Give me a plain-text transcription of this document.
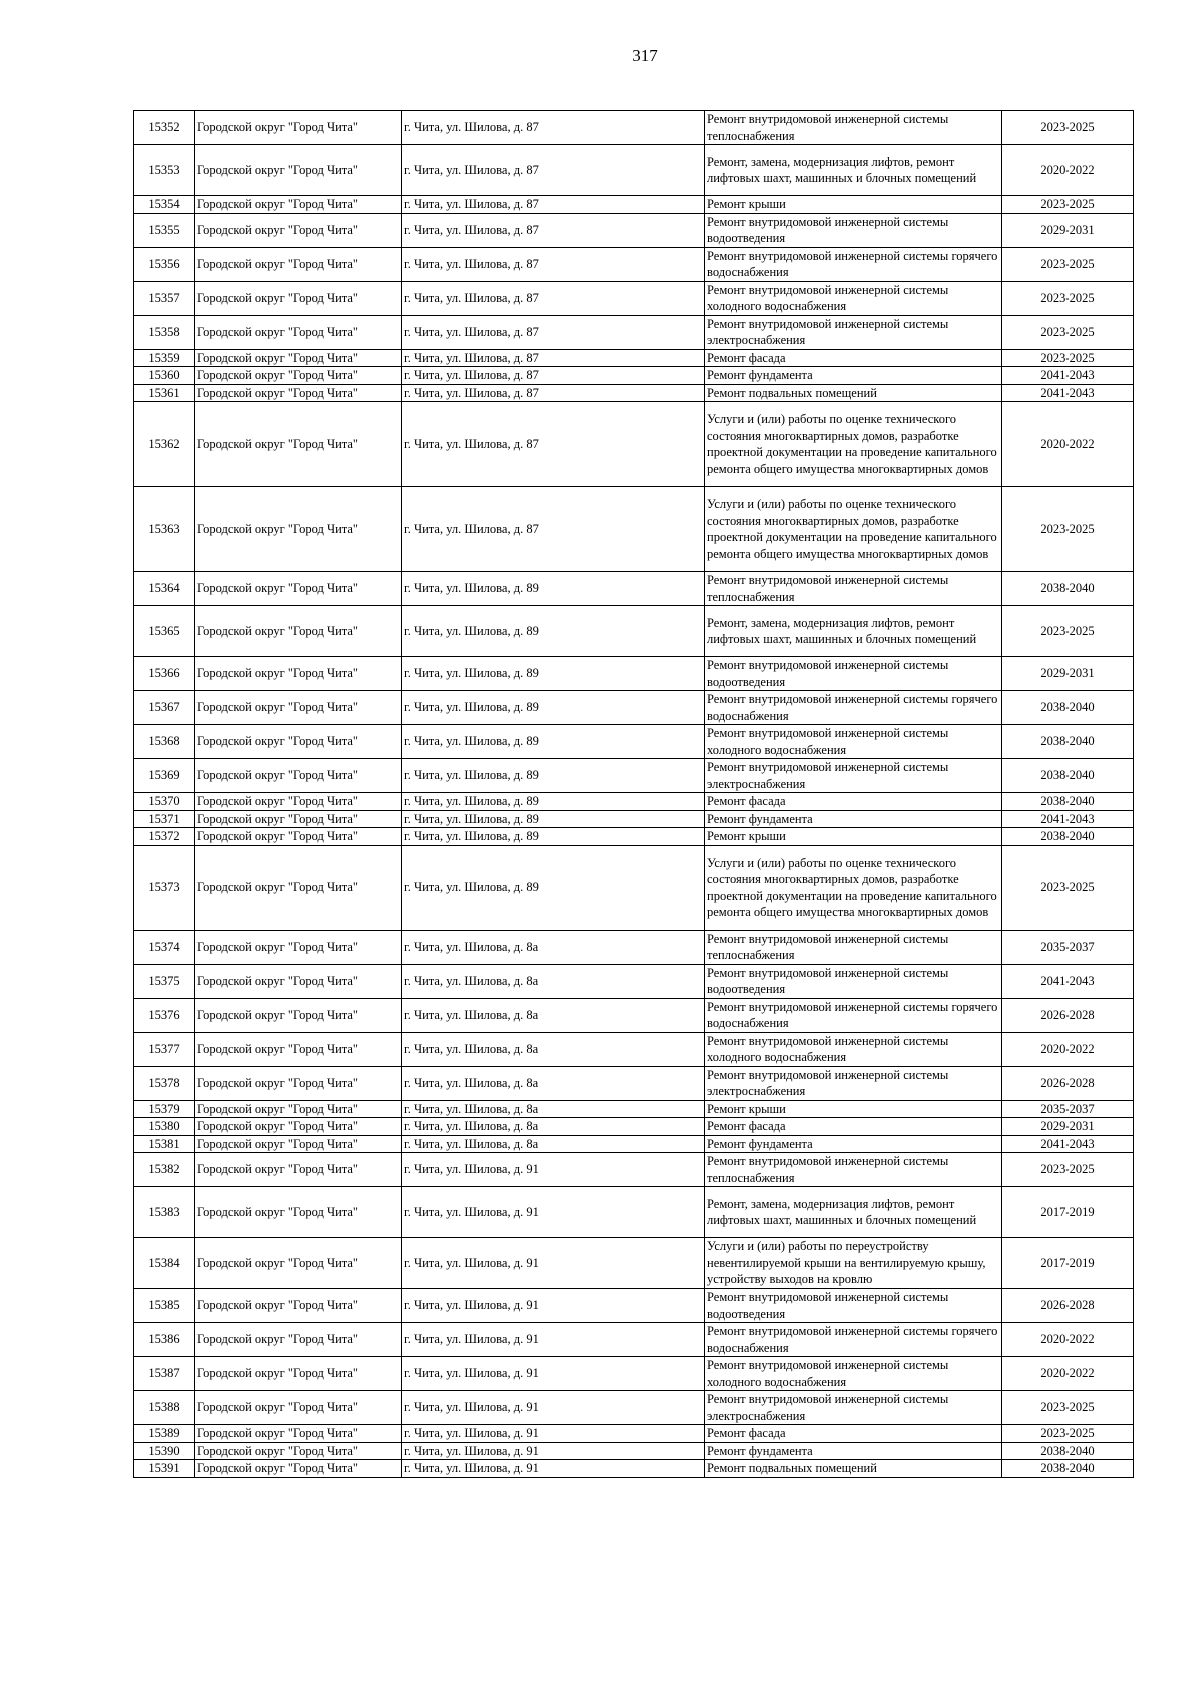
317
15352	Городской округ "Город Чита"	г. Чита, ул. Шилова, д. 87	Ремонт внутридомовой инженерной системы теплоснабжения	2023-2025
15353	Городской округ "Город Чита"	г. Чита, ул. Шилова, д. 87	Ремонт, замена, модернизация лифтов, ремонт лифтовых шахт, машинных и блочных помещений	2020-2022
15354	Городской округ "Город Чита"	г. Чита, ул. Шилова, д. 87	Ремонт крыши	2023-2025
15355	Городской округ "Город Чита"	г. Чита, ул. Шилова, д. 87	Ремонт внутридомовой инженерной системы водоотведения	2029-2031
15356	Городской округ "Город Чита"	г. Чита, ул. Шилова, д. 87	Ремонт внутридомовой инженерной системы горячего водоснабжения	2023-2025
15357	Городской округ "Город Чита"	г. Чита, ул. Шилова, д. 87	Ремонт внутридомовой инженерной системы холодного водоснабжения	2023-2025
15358	Городской округ "Город Чита"	г. Чита, ул. Шилова, д. 87	Ремонт внутридомовой инженерной системы электроснабжения	2023-2025
15359	Городской округ "Город Чита"	г. Чита, ул. Шилова, д. 87	Ремонт фасада	2023-2025
15360	Городской округ "Город Чита"	г. Чита, ул. Шилова, д. 87	Ремонт фундамента	2041-2043
15361	Городской округ "Город Чита"	г. Чита, ул. Шилова, д. 87	Ремонт подвальных помещений	2041-2043
15362	Городской округ "Город Чита"	г. Чита, ул. Шилова, д. 87	Услуги и (или) работы по оценке технического состояния многоквартирных домов, разработке проектной документации на проведение капитального ремонта общего имущества многоквартирных домов	2020-2022
15363	Городской округ "Город Чита"	г. Чита, ул. Шилова, д. 87	Услуги и (или) работы по оценке технического состояния многоквартирных домов, разработке проектной документации на проведение капитального ремонта общего имущества многоквартирных домов	2023-2025
15364	Городской округ "Город Чита"	г. Чита, ул. Шилова, д. 89	Ремонт внутридомовой инженерной системы теплоснабжения	2038-2040
15365	Городской округ "Город Чита"	г. Чита, ул. Шилова, д. 89	Ремонт, замена, модернизация лифтов, ремонт лифтовых шахт, машинных и блочных помещений	2023-2025
15366	Городской округ "Город Чита"	г. Чита, ул. Шилова, д. 89	Ремонт внутридомовой инженерной системы водоотведения	2029-2031
15367	Городской округ "Город Чита"	г. Чита, ул. Шилова, д. 89	Ремонт внутридомовой инженерной системы горячего водоснабжения	2038-2040
15368	Городской округ "Город Чита"	г. Чита, ул. Шилова, д. 89	Ремонт внутридомовой инженерной системы холодного водоснабжения	2038-2040
15369	Городской округ "Город Чита"	г. Чита, ул. Шилова, д. 89	Ремонт внутридомовой инженерной системы электроснабжения	2038-2040
15370	Городской округ "Город Чита"	г. Чита, ул. Шилова, д. 89	Ремонт фасада	2038-2040
15371	Городской округ "Город Чита"	г. Чита, ул. Шилова, д. 89	Ремонт фундамента	2041-2043
15372	Городской округ "Город Чита"	г. Чита, ул. Шилова, д. 89	Ремонт крыши	2038-2040
15373	Городской округ "Город Чита"	г. Чита, ул. Шилова, д. 89	Услуги и (или) работы по оценке технического состояния многоквартирных домов, разработке проектной документации на проведение капитального ремонта общего имущества многоквартирных домов	2023-2025
15374	Городской округ "Город Чита"	г. Чита, ул. Шилова, д. 8а	Ремонт внутридомовой инженерной системы теплоснабжения	2035-2037
15375	Городской округ "Город Чита"	г. Чита, ул. Шилова, д. 8а	Ремонт внутридомовой инженерной системы водоотведения	2041-2043
15376	Городской округ "Город Чита"	г. Чита, ул. Шилова, д. 8а	Ремонт внутридомовой инженерной системы горячего водоснабжения	2026-2028
15377	Городской округ "Город Чита"	г. Чита, ул. Шилова, д. 8а	Ремонт внутридомовой инженерной системы холодного водоснабжения	2020-2022
15378	Городской округ "Город Чита"	г. Чита, ул. Шилова, д. 8а	Ремонт внутридомовой инженерной системы электроснабжения	2026-2028
15379	Городской округ "Город Чита"	г. Чита, ул. Шилова, д. 8а	Ремонт крыши	2035-2037
15380	Городской округ "Город Чита"	г. Чита, ул. Шилова, д. 8а	Ремонт фасада	2029-2031
15381	Городской округ "Город Чита"	г. Чита, ул. Шилова, д. 8а	Ремонт фундамента	2041-2043
15382	Городской округ "Город Чита"	г. Чита, ул. Шилова, д. 91	Ремонт внутридомовой инженерной системы теплоснабжения	2023-2025
15383	Городской округ "Город Чита"	г. Чита, ул. Шилова, д. 91	Ремонт, замена, модернизация лифтов, ремонт лифтовых шахт, машинных и блочных помещений	2017-2019
15384	Городской округ "Город Чита"	г. Чита, ул. Шилова, д. 91	Услуги и (или) работы по переустройству невентилируемой крыши на вентилируемую крышу, устройству выходов на кровлю	2017-2019
15385	Городской округ "Город Чита"	г. Чита, ул. Шилова, д. 91	Ремонт внутридомовой инженерной системы водоотведения	2026-2028
15386	Городской округ "Город Чита"	г. Чита, ул. Шилова, д. 91	Ремонт внутридомовой инженерной системы горячего водоснабжения	2020-2022
15387	Городской округ "Город Чита"	г. Чита, ул. Шилова, д. 91	Ремонт внутридомовой инженерной системы холодного водоснабжения	2020-2022
15388	Городской округ "Город Чита"	г. Чита, ул. Шилова, д. 91	Ремонт внутридомовой инженерной системы электроснабжения	2023-2025
15389	Городской округ "Город Чита"	г. Чита, ул. Шилова, д. 91	Ремонт фасада	2023-2025
15390	Городской округ "Город Чита"	г. Чита, ул. Шилова, д. 91	Ремонт фундамента	2038-2040
15391	Городской округ "Город Чита"	г. Чита, ул. Шилова, д. 91	Ремонт подвальных помещений	2038-2040
